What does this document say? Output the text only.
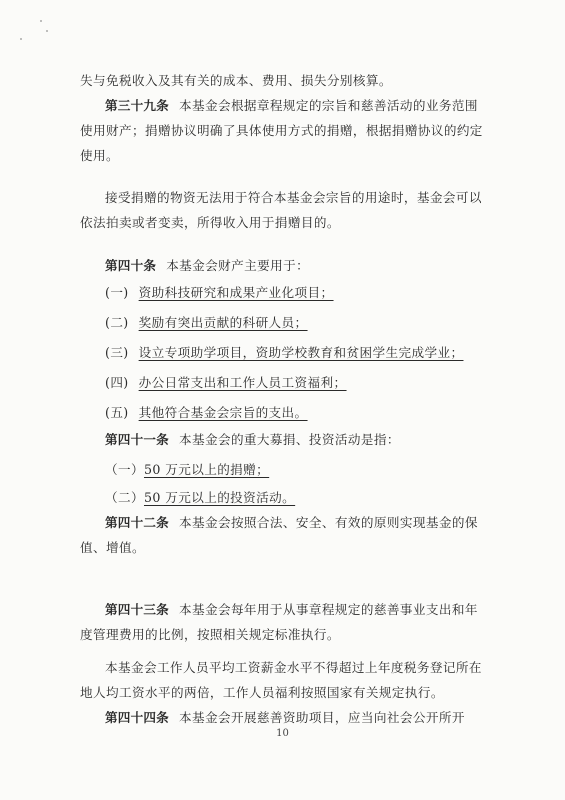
失与免税收入及其有关的成本、费用、损失分别核算。

第三十九条 本基金会根据章程规定的宗旨和慈善活动的业务范围使用财产；捐赠协议明确了具体使用方式的捐赠，根据捐赠协议的约定使用。

接受捐赠的物资无法用于符合本基金会宗旨的用途时，基金会可以依法拍卖或者变卖，所得收入用于捐赠目的。

第四十条 本基金会财产主要用于：

(一) 资助科技研究和成果产业化项目；
(二) 奖励有突出贡献的科研人员；
(三) 设立专项助学项目，资助学校教育和贫困学生完成学业；
(四) 办公日常支出和工作人员工资福利；
(五) 其他符合基金会宗旨的支出。

第四十一条 本基金会的重大募捐、投资活动是指：

（一）50 万元以上的捐赠；
（二）50 万元以上的投资活动。

第四十二条 本基金会按照合法、安全、有效的原则实现基金的保值、增值。

第四十三条 本基金会每年用于从事章程规定的慈善事业支出和年度管理费用的比例，按照相关规定标准执行。

本基金会工作人员平均工资薪金水平不得超过上年度税务登记所在地人均工资水平的两倍，工作人员福利按照国家有关规定执行。

第四十四条 本基金会开展慈善资助项目，应当向社会公开所开

10
